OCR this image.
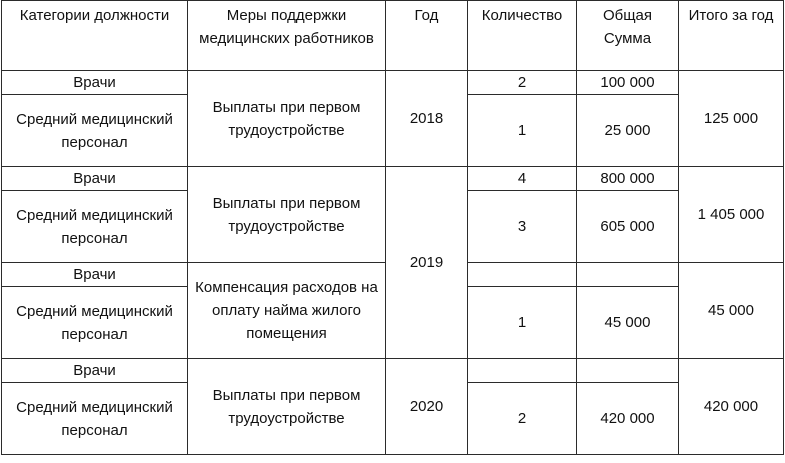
Категории должности	Меры поддержки медицинских работников	Год	Количество	Общая Сумма	Итого за год
Врачи	Выплаты при первом трудоустройстве	2018	2	100 000	125 000
Средний медицинский персонал			1	25 000	
Врачи	Выплаты при первом трудоустройстве	2019	4	800 000	1 405 000
Средний медицинский персонал			3	605 000	
Врачи	Компенсация расходов на оплату найма жилого помещения				45 000
Средний медицинский персонал			1	45 000	
Врачи	Выплаты при первом трудоустройстве	2020			420 000
Средний медицинский персонал			2	420 000	
